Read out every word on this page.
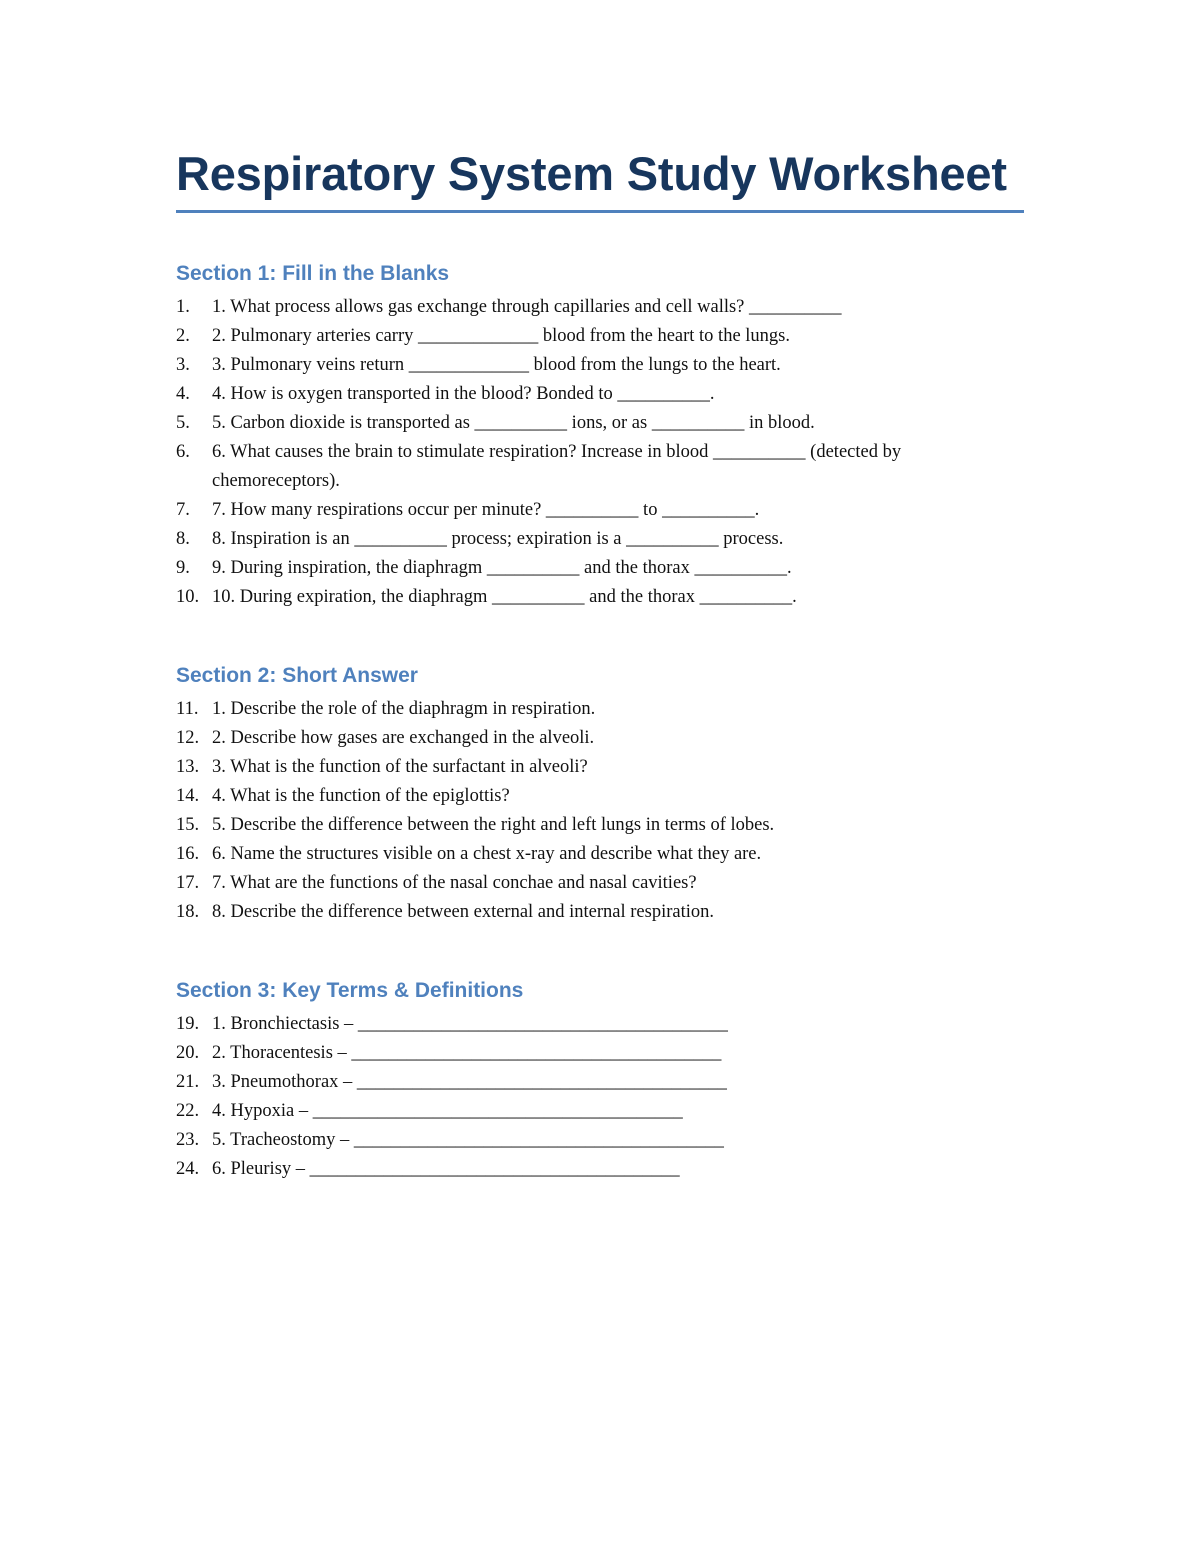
Respiratory System Study Worksheet
Section 1: Fill in the Blanks
1.	1. What process allows gas exchange through capillaries and cell walls? __________
2.	2. Pulmonary arteries carry _____________ blood from the heart to the lungs.
3.	3. Pulmonary veins return _____________ blood from the lungs to the heart.
4.	4. How is oxygen transported in the blood? Bonded to __________.
5.	5. Carbon dioxide is transported as __________ ions, or as __________ in blood.
6.	6. What causes the brain to stimulate respiration? Increase in blood __________ (detected by chemoreceptors).
7.	7. How many respirations occur per minute? __________ to __________.
8.	8. Inspiration is an __________ process; expiration is a __________ process.
9.	9. During inspiration, the diaphragm __________ and the thorax __________.
10. 10. During expiration, the diaphragm __________ and the thorax __________.
Section 2: Short Answer
11. 1. Describe the role of the diaphragm in respiration.
12. 2. Describe how gases are exchanged in the alveoli.
13. 3. What is the function of the surfactant in alveoli?
14. 4. What is the function of the epiglottis?
15. 5. Describe the difference between the right and left lungs in terms of lobes.
16. 6. Name the structures visible on a chest x-ray and describe what they are.
17. 7. What are the functions of the nasal conchae and nasal cavities?
18. 8. Describe the difference between external and internal respiration.
Section 3: Key Terms & Definitions
19. 1. Bronchiectasis – ________________________________________
20. 2. Thoracentesis – ________________________________________
21. 3. Pneumothorax – ________________________________________
22. 4. Hypoxia – ________________________________________
23. 5. Tracheostomy – ________________________________________
24. 6. Pleurisy – ________________________________________
